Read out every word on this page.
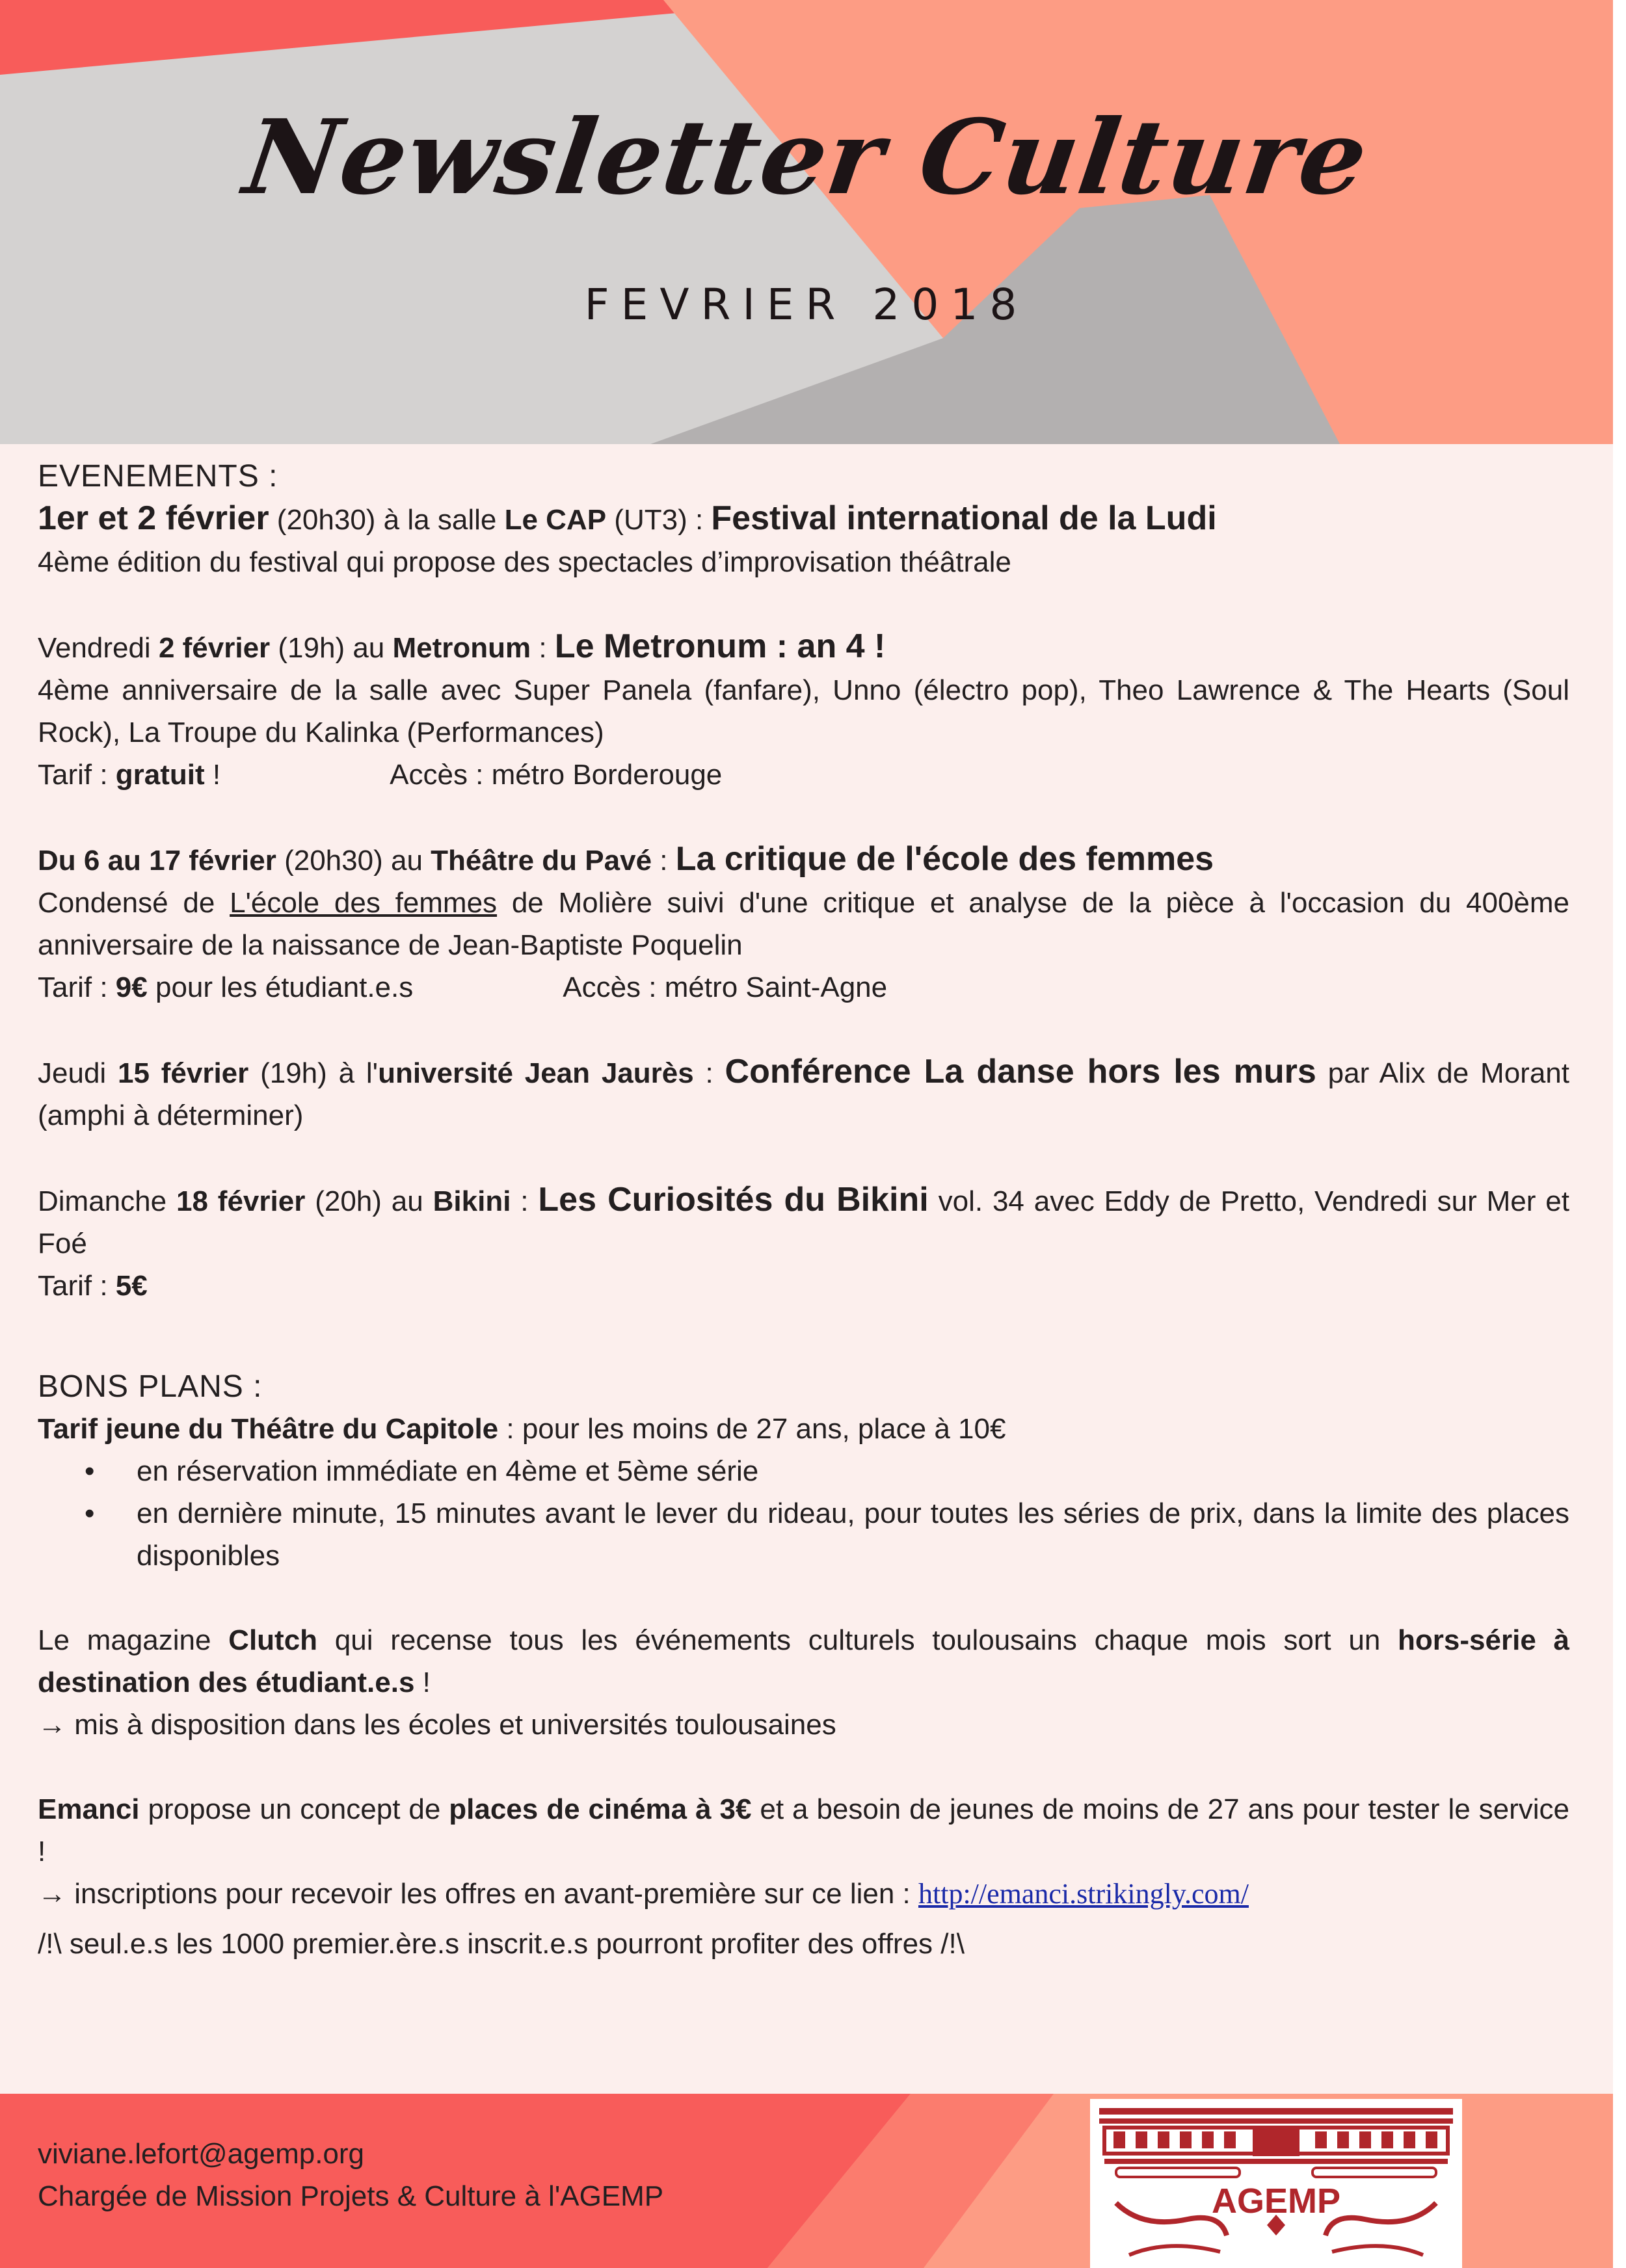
Newsletter Culture
FEVRIER 2018

EVENEMENTS :

1er et 2 février (20h30) à la salle Le CAP (UT3) : Festival international de la Ludi

4ème édition du festival qui propose des spectacles d’improvisation théâtrale

Vendredi 2 février (19h) au Metronum : Le Metronum : an 4 !

4ème anniversaire de la salle avec Super Panela (fanfare), Unno (électro pop), Theo Lawrence & The Hearts (Soul Rock), La Troupe du Kalinka (Performances)

Tarif : gratuit !	Accès : métro Borderouge

Du 6 au 17 février (20h30) au Théâtre du Pavé : La critique de l'école des femmes

Condensé de L'école des femmes de Molière suivi d'une critique et analyse de la pièce à l'occasion du 400ème anniversaire de la naissance de Jean-Baptiste Poquelin

Tarif : 9€ pour les étudiant.e.s	Accès : métro Saint-Agne

Jeudi 15 février (19h) à l'université Jean Jaurès : Conférence La danse hors les murs par Alix de Morant (amphi à déterminer)

Dimanche 18 février (20h) au Bikini : Les Curiosités du Bikini vol. 34 avec Eddy de Pretto, Vendredi sur Mer et Foé

Tarif : 5€

BONS PLANS :

Tarif jeune du Théâtre du Capitole : pour les moins de 27 ans, place à 10€

• en réservation immédiate en 4ème et 5ème série
• en dernière minute, 15 minutes avant le lever du rideau, pour toutes les séries de prix, dans la limite des places disponibles

Le magazine Clutch qui recense tous les événements culturels toulousains chaque mois sort un hors-série à destination des étudiant.e.s !

→ mis à disposition dans les écoles et universités toulousaines

Emanci propose un concept de places de cinéma à 3€ et a besoin de jeunes de moins de 27 ans pour tester le service !

→ inscriptions pour recevoir les offres en avant-première sur ce lien : http://emanci.strikingly.com/

/!\ seul.e.s les 1000 premier.ère.s inscrit.e.s pourront profiter des offres /!\

viviane.lefort@agemp.org
Chargée de Mission Projets & Culture à l'AGEMP	AGEMP
